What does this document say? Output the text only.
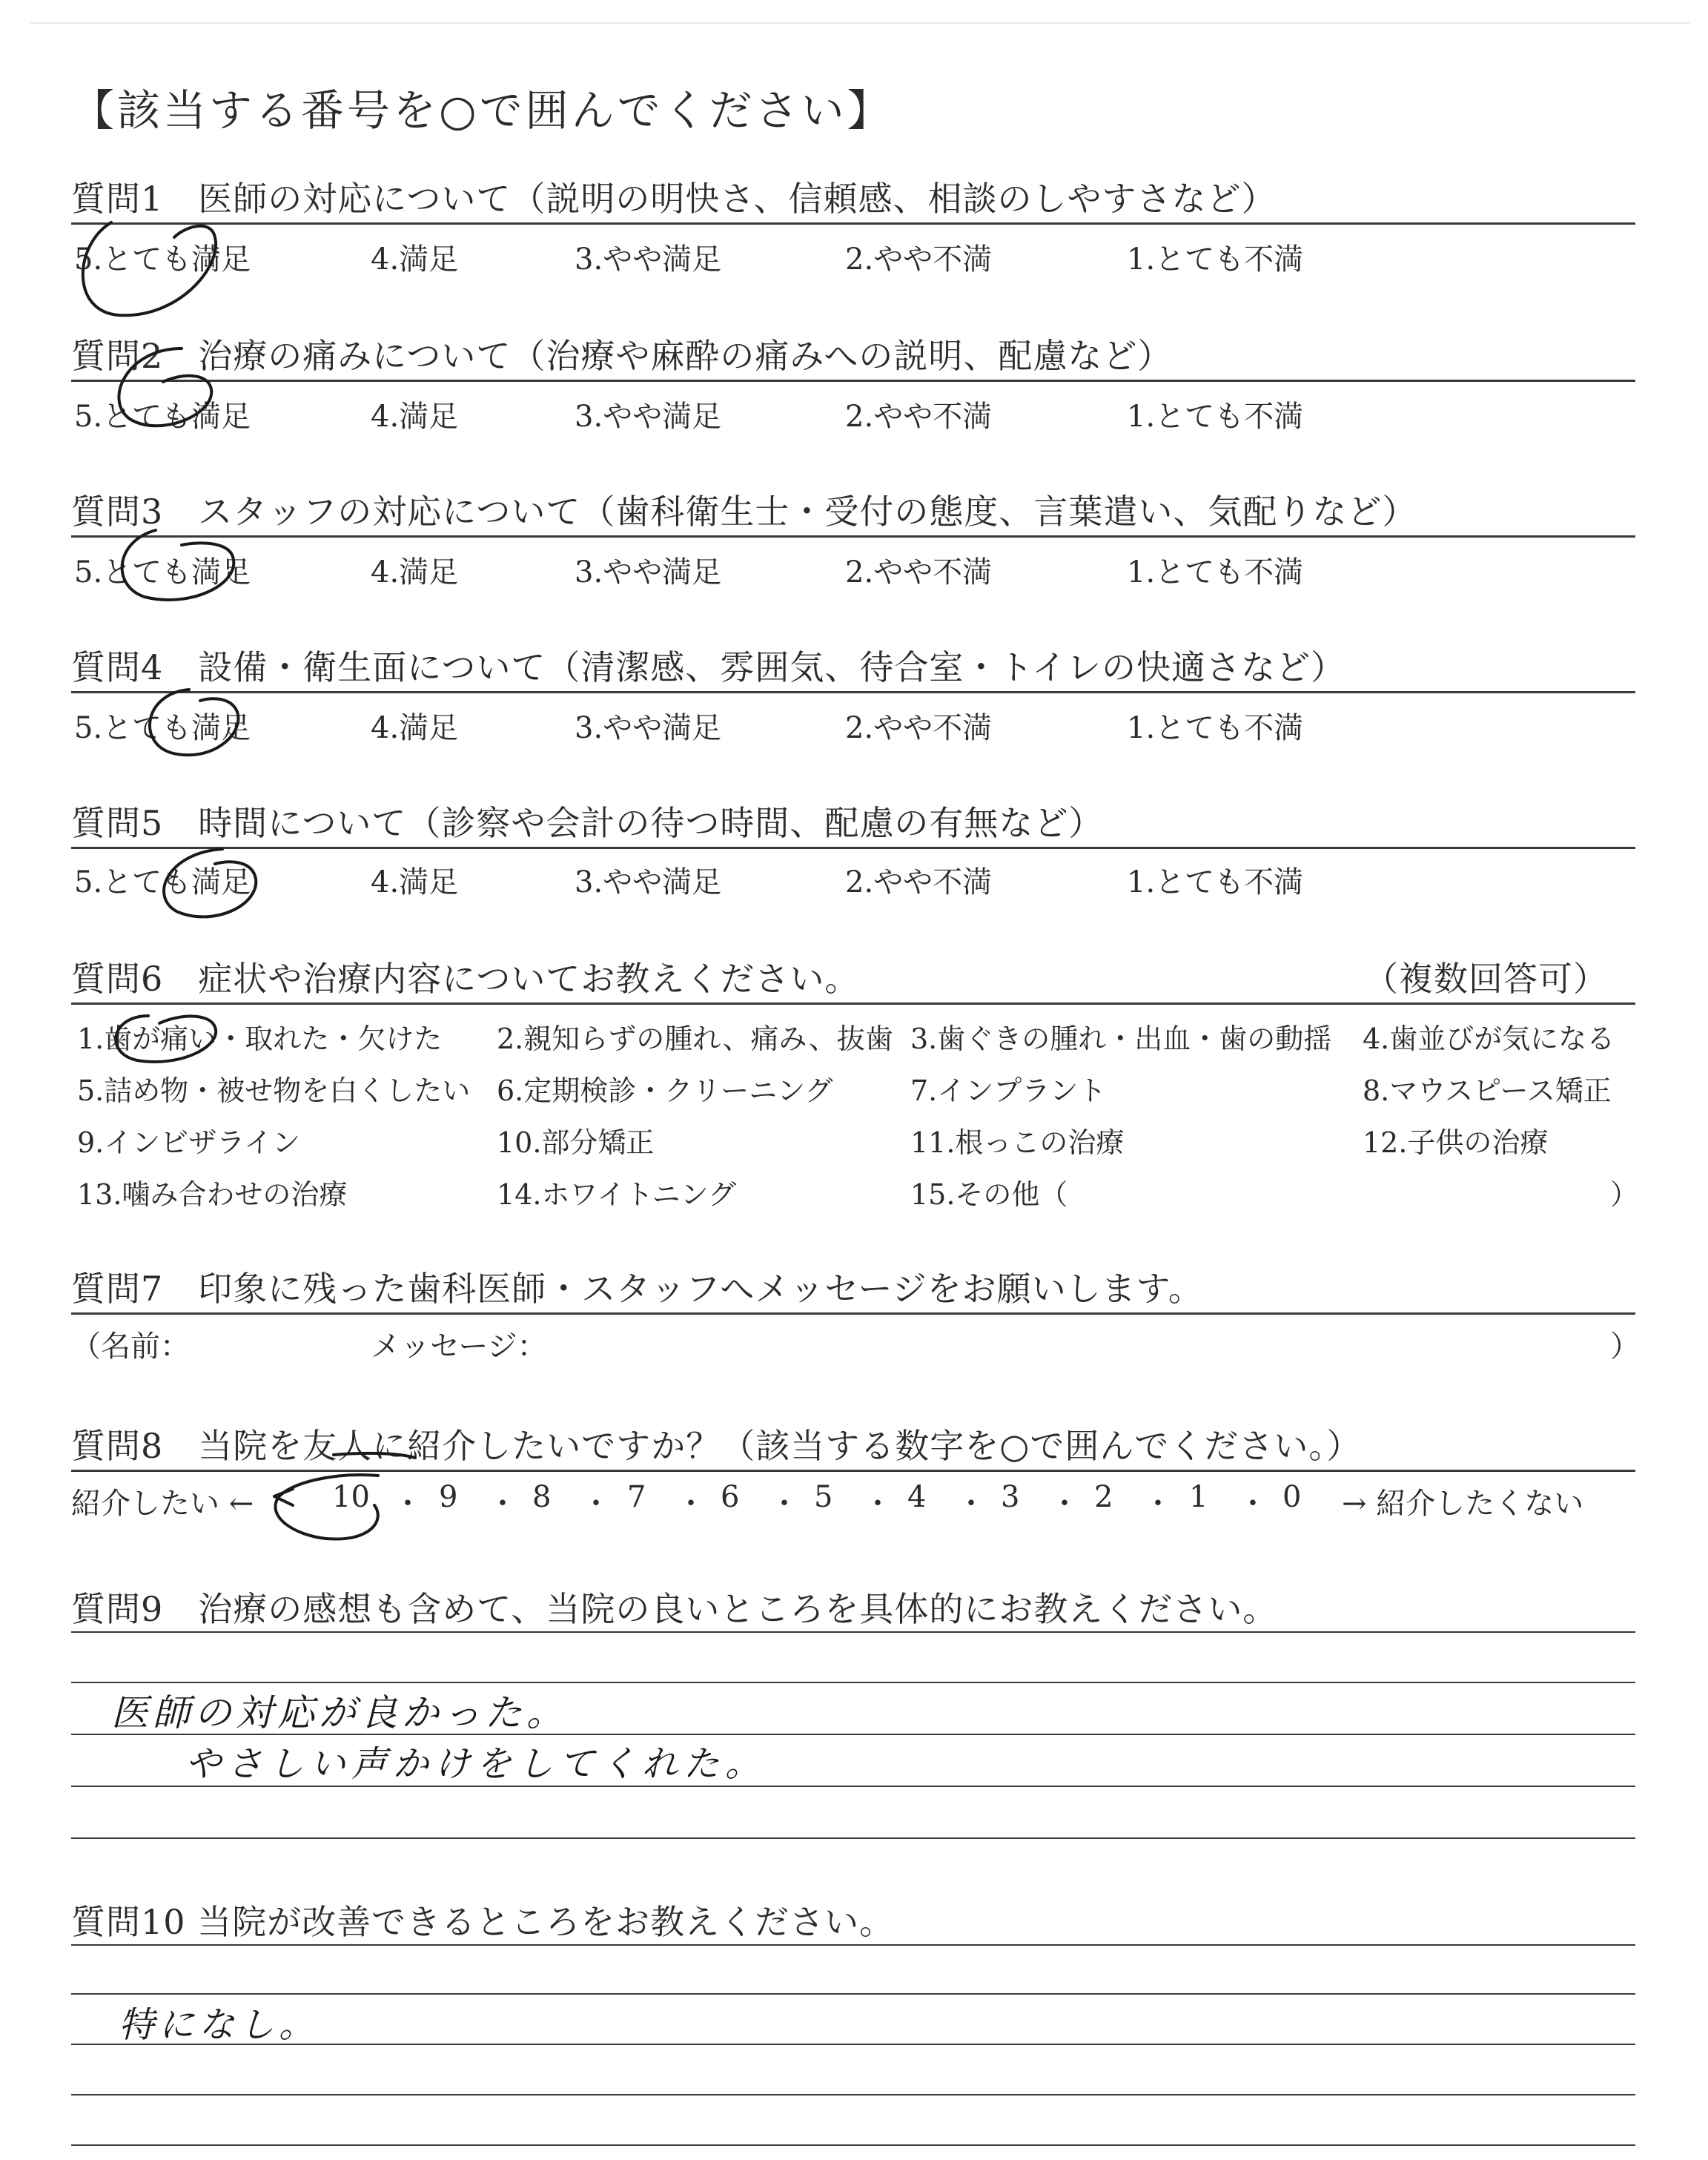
【該当する番号を○で囲んでください】
質問1　医師の対応について（説明の明快さ、信頼感、相談のしやすさなど）
5.とても満足	4.満足	3.やや満足	2.やや不満	1.とても不満
質問2　治療の痛みについて（治療や麻酔の痛みへの説明、配慮など）
5.とても満足	4.満足	3.やや満足	2.やや不満	1.とても不満
質問3　スタッフの対応について（歯科衛生士・受付の態度、言葉遣い、気配りなど）
5.とても満足	4.満足	3.やや満足	2.やや不満	1.とても不満
質問4　設備・衛生面について（清潔感、雰囲気、待合室・トイレの快適さなど）
5.とても満足	4.満足	3.やや満足	2.やや不満	1.とても不満
質問5　時間について（診察や会計の待つ時間、配慮の有無など）
5.とても満足	4.満足	3.やや満足	2.やや不満	1.とても不満
質問6　症状や治療内容についてお教えください。	（複数回答可）
1.歯が痛い・取れた・欠けた 2.親知らずの腫れ、痛み、抜歯 3.歯ぐきの腫れ・出血・歯の動揺 4.歯並びが気になる
5.詰め物・被せ物を白くしたい 6.定期検診・クリーニング	7.インプラント	8.マウスピース矯正
9.インビザライン	10.部分矯正	11.根っこの治療	12.子供の治療
13.噛み合わせの治療	14.ホワイトニング	15.その他（	）
質問7　印象に残った歯科医師・スタッフへメッセージをお願いします。
（名前：	メッセージ：	）
質問8　当院を友人に紹介したいですか？（該当する数字を○で囲んでください。）
紹介したい ←	→ 紹介したくない
10 ・ 9 ・ 8 ・ 7 ・ 6 ・ 5 ・ 4 ・ 3 ・ 2 ・ 1 ・ 0
質問9　治療の感想も含めて、当院の良いところを具体的にお教えください。
医師の対応が良かった。
やさしい声かけをしてくれた。
質問10 当院が改善できるところをお教えください。
特になし。
